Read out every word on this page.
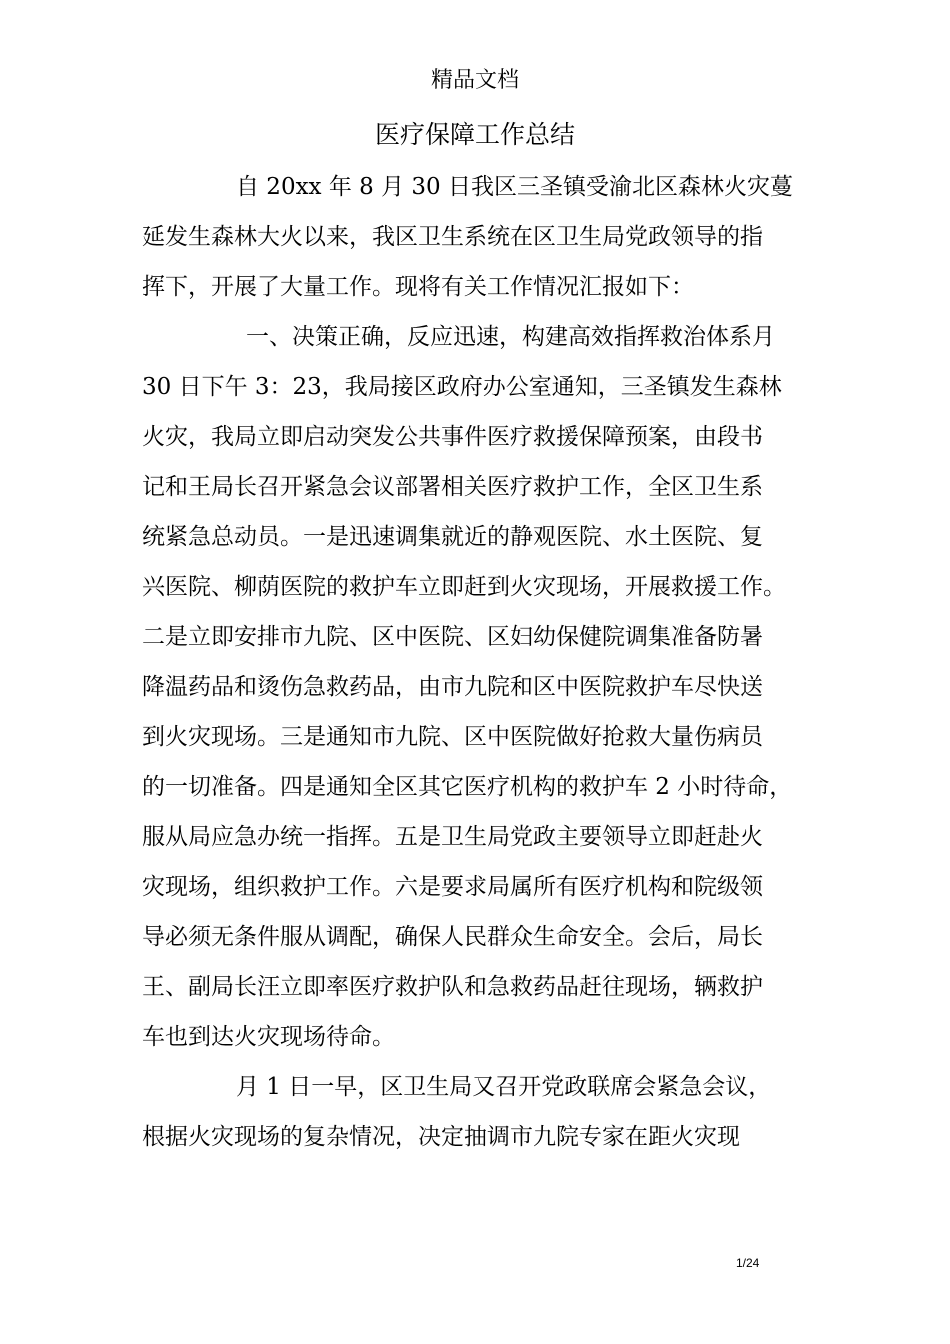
精品文档
医疗保障工作总结
自 20xx 年 8 月 30 日我区三圣镇受渝北区森林火灾蔓
延发生森林大火以来，我区卫生系统在区卫生局党政领导的指
挥下，开展了大量工作。现将有关工作情况汇报如下：
一、决策正确，反应迅速，构建高效指挥救治体系月
30 日下午 3：23，我局接区政府办公室通知，三圣镇发生森林
火灾，我局立即启动突发公共事件医疗救援保障预案，由段书
记和王局长召开紧急会议部署相关医疗救护工作，全区卫生系
统紧急总动员。一是迅速调集就近的静观医院、水土医院、复
兴医院、柳荫医院的救护车立即赶到火灾现场，开展救援工作。
二是立即安排市九院、区中医院、区妇幼保健院调集准备防暑
降温药品和烫伤急救药品，由市九院和区中医院救护车尽快送
到火灾现场。三是通知市九院、区中医院做好抢救大量伤病员
的一切准备。四是通知全区其它医疗机构的救护车 2 小时待命，
服从局应急办统一指挥。五是卫生局党政主要领导立即赶赴火
灾现场，组织救护工作。六是要求局属所有医疗机构和院级领
导必须无条件服从调配，确保人民群众生命安全。会后，局长
王、副局长汪立即率医疗救护队和急救药品赶往现场，辆救护
车也到达火灾现场待命。
月 1 日一早，区卫生局又召开党政联席会紧急会议，
根据火灾现场的复杂情况，决定抽调市九院专家在距火灾现
1/24
